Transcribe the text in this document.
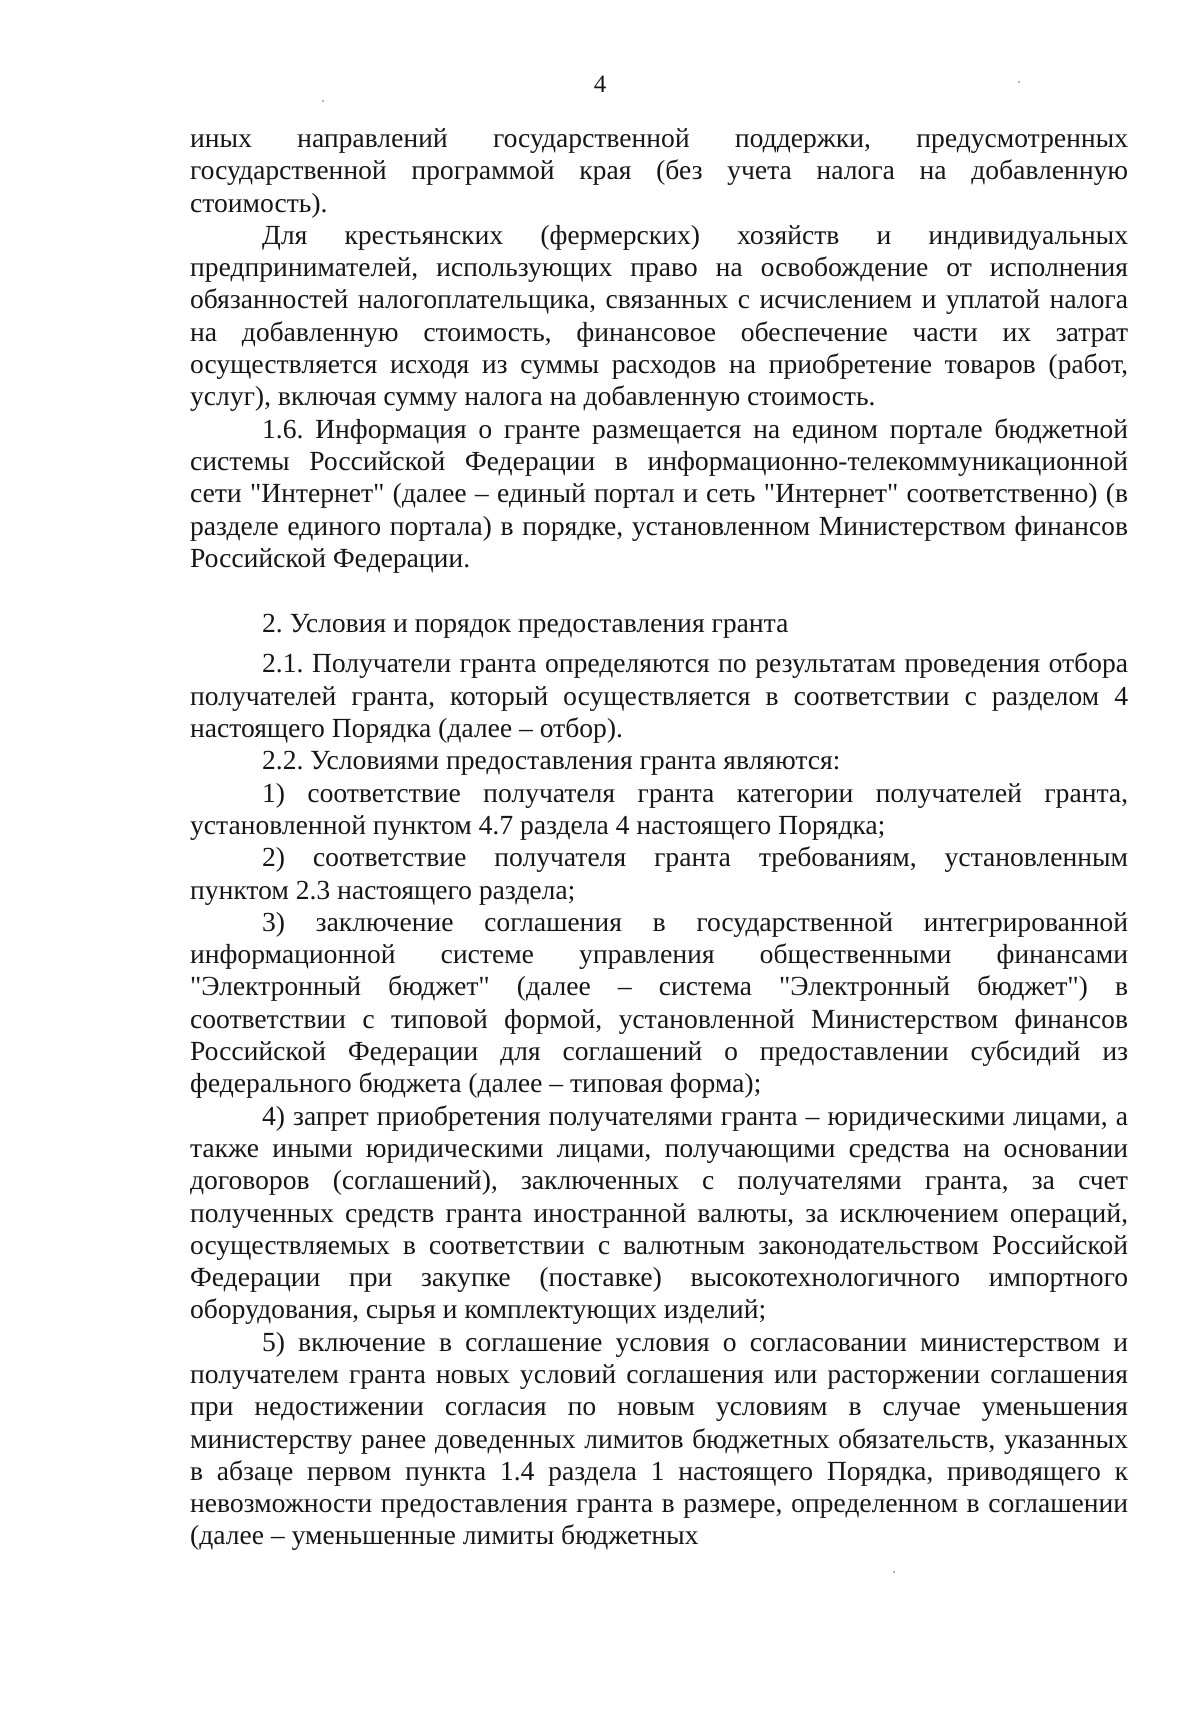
4

иных направлений государственной поддержки, предусмотренных государственной программой края (без учета налога на добавленную стоимость).

Для крестьянских (фермерских) хозяйств и индивидуальных предпринимателей, использующих право на освобождение от исполнения обязанностей налогоплательщика, связанных с исчислением и уплатой налога на добавленную стоимость, финансовое обеспечение части их затрат осуществляется исходя из суммы расходов на приобретение товаров (работ, услуг), включая сумму налога на добавленную стоимость.

1.6. Информация о гранте размещается на едином портале бюджетной системы Российской Федерации в информационно-телекоммуникационной сети "Интернет" (далее – единый портал и сеть "Интернет" соответственно) (в разделе единого портала) в порядке, установленном Министерством финансов Российской Федерации.

2. Условия и порядок предоставления гранта

2.1. Получатели гранта определяются по результатам проведения отбора получателей гранта, который осуществляется в соответствии с разделом 4 настоящего Порядка (далее – отбор).

2.2. Условиями предоставления гранта являются:

1) соответствие получателя гранта категории получателей гранта, установленной пунктом 4.7 раздела 4 настоящего Порядка;

2) соответствие получателя гранта требованиям, установленным пунктом 2.3 настоящего раздела;

3) заключение соглашения в государственной интегрированной информационной системе управления общественными финансами "Электронный бюджет" (далее – система "Электронный бюджет") в соответствии с типовой формой, установленной Министерством финансов Российской Федерации для соглашений о предоставлении субсидий из федерального бюджета (далее – типовая форма);

4) запрет приобретения получателями гранта – юридическими лицами, а также иными юридическими лицами, получающими средства на основании договоров (соглашений), заключенных с получателями гранта, за счет полученных средств гранта иностранной валюты, за исключением операций, осуществляемых в соответствии с валютным законодательством Российской Федерации при закупке (поставке) высокотехнологичного импортного оборудования, сырья и комплектующих изделий;

5) включение в соглашение условия о согласовании министерством и получателем гранта новых условий соглашения или расторжении соглашения при недостижении согласия по новым условиям в случае уменьшения министерству ранее доведенных лимитов бюджетных обязательств, указанных в абзаце первом пункта 1.4 раздела 1 настоящего Порядка, приводящего к невозможности предоставления гранта в размере, определенном в соглашении (далее – уменьшенные лимиты бюджетных
